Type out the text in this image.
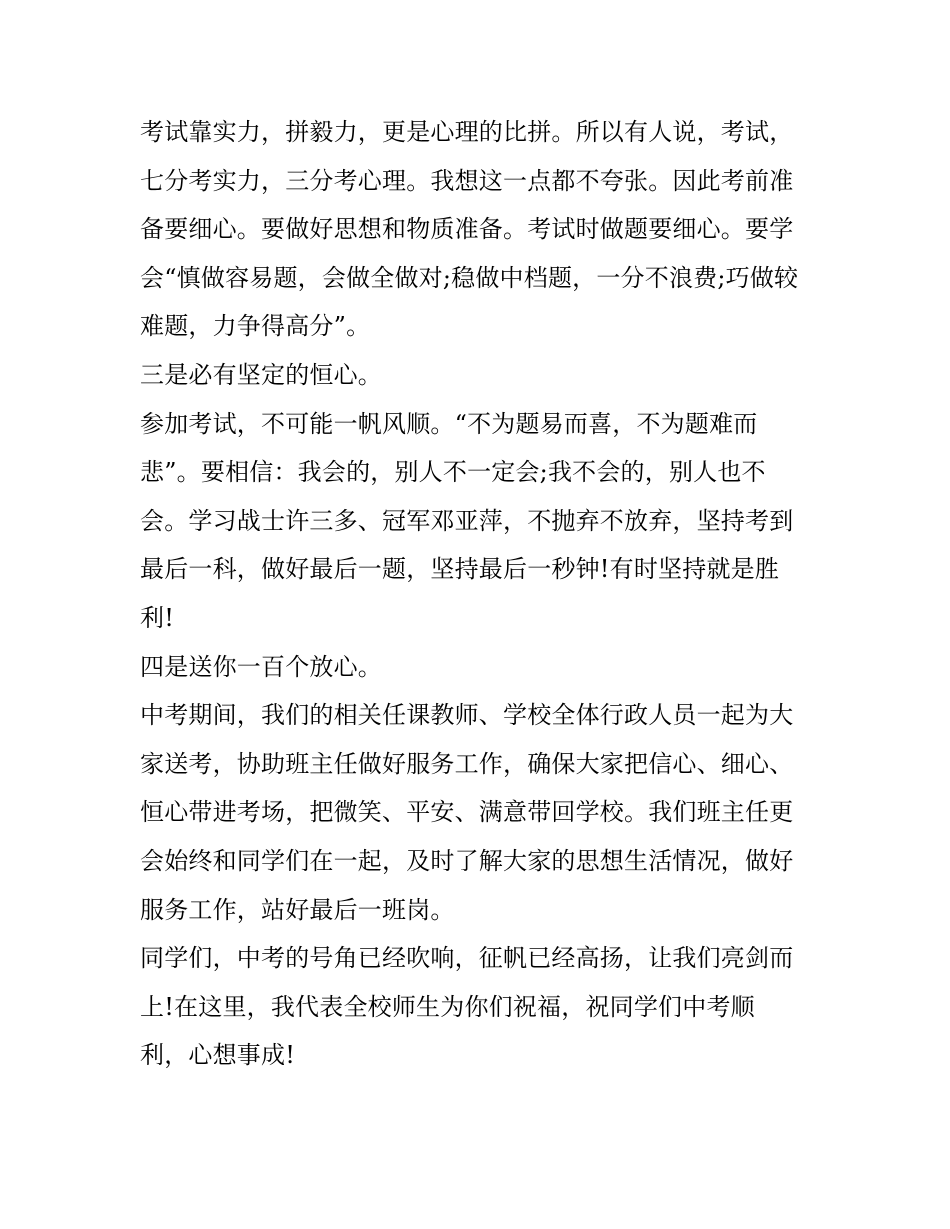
考试靠实力，拼毅力，更是心理的比拼。所以有人说，考试，
七分考实力，三分考心理。我想这一点都不夸张。因此考前准
备要细心。要做好思想和物质准备。考试时做题要细心。要学
会“慎做容易题，会做全做对;稳做中档题，一分不浪费;巧做较
难题，力争得高分”。
三是必有坚定的恒心。
参加考试，不可能一帆风顺。“不为题易而喜，不为题难而
悲”。要相信：我会的，别人不一定会;我不会的，别人也不
会。学习战士许三多、冠军邓亚萍，不抛弃不放弃，坚持考到
最后一科，做好最后一题，坚持最后一秒钟!有时坚持就是胜
利!
四是送你一百个放心。
中考期间，我们的相关任课教师、学校全体行政人员一起为大
家送考，协助班主任做好服务工作，确保大家把信心、细心、
恒心带进考场，把微笑、平安、满意带回学校。我们班主任更
会始终和同学们在一起，及时了解大家的思想生活情况，做好
服务工作，站好最后一班岗。
同学们，中考的号角已经吹响，征帆已经高扬，让我们亮剑而
上!在这里，我代表全校师生为你们祝福，祝同学们中考顺
利，心想事成!
